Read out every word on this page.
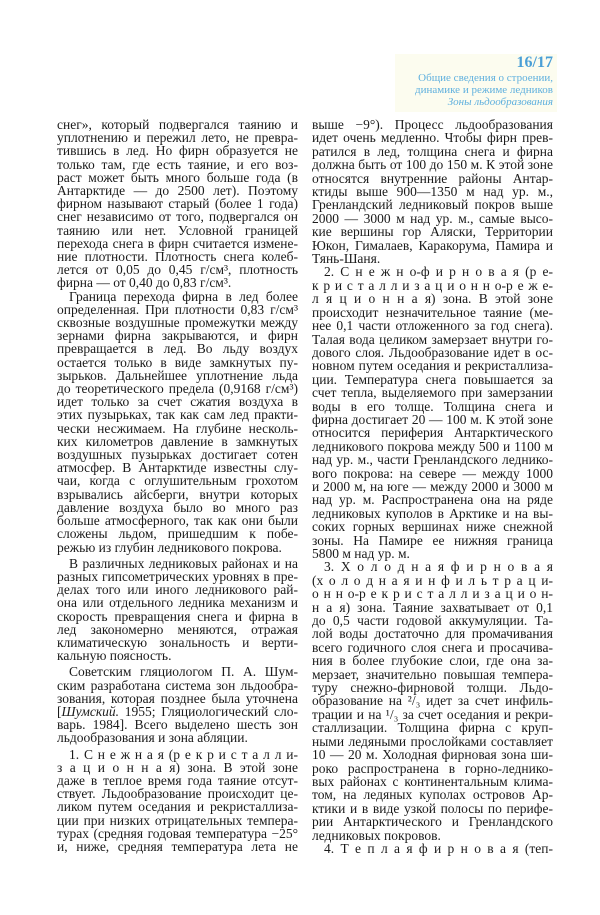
16/17
Общие сведения о строении,
динамике и режиме ледников
Зоны льдообразования
снег», который подвергался таянию и
уплотнению и пережил лето, не превра-
тившись в лед. Но фирн образуется не
только там, где есть таяние, и его воз-
раст может быть много больше года (в
Антарктиде — до 2500 лет). Поэтому
фирном называют старый (более 1 года)
снег независимо от того, подвергался он
таянию или нет. Условной границей
перехода снега в фирн считается измене-
ние плотности. Плотность снега колеб-
лется от 0,05 до 0,45 г/см³, плотность
фирна — от 0,40 до 0,83 г/см³.
Граница перехода фирна в лед более
определенная. При плотности 0,83 г/см³
сквозные воздушные промежутки между
зернами фирна закрываются, и фирн
превращается в лед. Во льду воздух
остается только в виде замкнутых пу-
зырьков. Дальнейшее уплотнение льда
до теоретического предела (0,9168 г/см³)
идет только за счет сжатия воздуха в
этих пузырьках, так как сам лед практи-
чески несжимаем. На глубине несколь-
ких километров давление в замкнутых
воздушных пузырьках достигает сотен
атмосфер. В Антарктиде известны слу-
чаи, когда с оглушительным грохотом
взрывались айсберги, внутри которых
давление воздуха было во много раз
больше атмосферного, так как они были
сложены льдом, пришедшим к побе-
режью из глубин ледникового покрова.
В различных ледниковых районах и на
разных гипсометрических уровнях в пре-
делах того или иного ледникового рай-
она или отдельного ледника механизм и
скорость превращения снега и фирна в
лед закономерно меняются, отражая
климатическую зональность и верти-
кальную поясность.
Советским гляциологом П. А. Шум-
ским разработана система зон льдообра-
зования, которая позднее была уточнена
[Шумский. 1955; Гляциологический сло-
варь. 1984]. Всего выделено шесть зон
льдообразования и зона абляции.
1. С н е ж н а я (р е к р и с т а л л и-
з а ц и о н н а я) зона. В этой зоне
даже в теплое время года таяние отсут-
ствует. Льдообразование происходит це-
ликом путем оседания и рекристаллиза-
ции при низких отрицательных темпера-
турах (средняя годовая температура −25°
и, ниже, средняя температура лета не
выше −9°). Процесс льдообразования
идет очень медленно. Чтобы фирн прев-
ратился в лед, толщина снега и фирна
должна быть от 100 до 150 м. К этой зоне
относятся внутренние районы Антар-
ктиды выше 900—1350 м над ур. м.,
Гренландский ледниковый покров выше
2000 — 3000 м над ур. м., самые высо-
кие вершины гор Аляски, Территории
Юкон, Гималаев, Каракорума, Памира и
Тянь-Шаня.
2. С н е ж н о-ф и р н о в а я (р е-
к р и с т а л л и з а ц и о н н о-р е ж е-
л я ц и о н н а я) зона. В этой зоне
происходит незначительное таяние (ме-
нее 0,1 части отложенного за год снега).
Талая вода целиком замерзает внутри го-
дового слоя. Льдообразование идет в ос-
новном путем оседания и рекристаллиза-
ции. Температура снега повышается за
счет тепла, выделяемого при замерзании
воды в его толще. Толщина снега и
фирна достигает 20 — 100 м. К этой зоне
относится периферия Антарктического
ледникового покрова между 500 и 1100 м
над ур. м., части Гренландского леднико-
вого покрова: на севере — между 1000
и 2000 м, на юге — между 2000 и 3000 м
над ур. м. Распространена она на ряде
ледниковых куполов в Арктике и на вы-
соких горных вершинах ниже снежной
зоны. На Памире ее нижняя граница
5800 м над ур. м.
3. Х о л о д н а я ф и р н о в а я
(х о л о д н а я и н ф и л ь т р а ц и-
о н н о-р е к р и с т а л л и з а ц и о н-
н а я) зона. Таяние захватывает от 0,1
до 0,5 части годовой аккумуляции. Та-
лой воды достаточно для промачивания
всего годичного слоя снега и просачива-
ния в более глубокие слои, где она за-
мерзает, значительно повышая темпера-
туру снежно-фирновой толщи. Льдо-
образование на ²/₃ идет за счет инфиль-
трации и на ¹/₃ за счет оседания и рекри-
сталлизации. Толщина фирна с круп-
ными ледяными прослойками составляет
10 — 20 м. Холодная фирновая зона ши-
роко распространена в горно-леднико-
вых районах с континентальным клима-
том, на ледяных куполах островов Ар-
ктики и в виде узкой полосы по перифе-
рии Антарктического и Гренландского
ледниковых покровов.
4. Т е п л а я ф и р н о в а я (теп-
